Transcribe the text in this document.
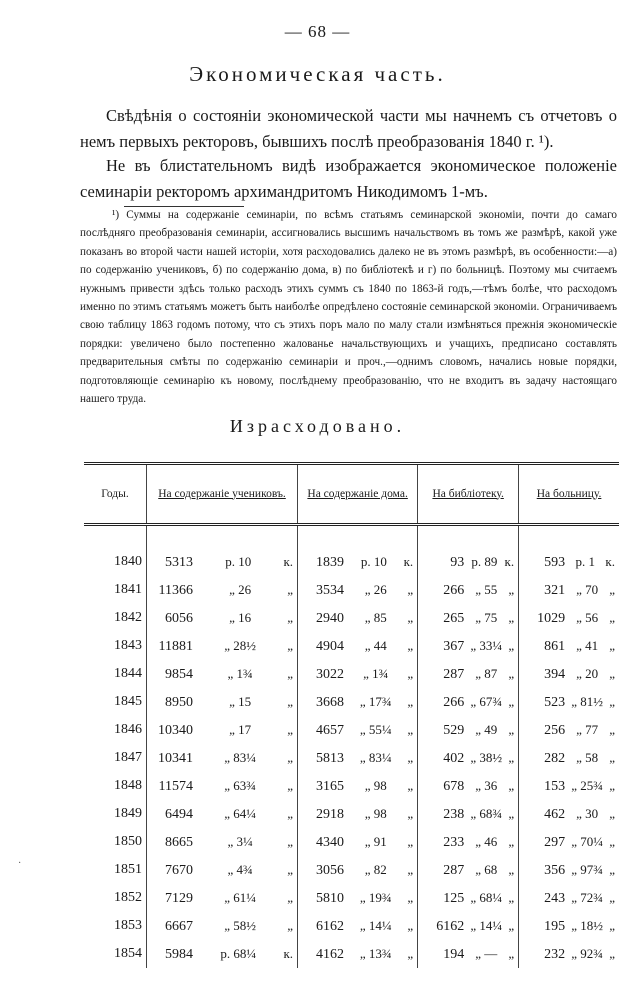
— 68 —
Экономическая часть.
Свѣдѣнія о состояніи экономической части мы начнемъ съ отчетовъ о немъ первыхъ ректоровъ, бывшихъ послѣ преобразованія 1840 г. ¹).
Не въ блистательномъ видѣ изображается экономическое положеніе семинаріи ректоромъ архимандритомъ Никодимомъ 1-мъ.
¹) Суммы на содержаніе семинаріи, по всѣмъ статьямъ семинарской экономіи, почти до самаго послѣдняго преобразованія семинаріи, ассигновались высшимъ начальствомъ въ томъ же размѣрѣ, какой уже показанъ во второй части нашей исторіи, хотя расходовались далеко не въ этомъ размѣрѣ, въ особенности:—а) по содержанію учениковъ, б) по содержанію дома, в) по библіотекѣ и г) по больницѣ. Поэтому мы считаемъ нужнымъ привести здѣсь только расходъ этихъ суммъ съ 1840 по 1863-й годъ,—тѣмъ болѣе, что расходомъ именно по этимъ статьямъ можетъ быть наиболѣе опредѣлено состояніе семинарской экономіи. Ограничиваемъ свою таблицу 1863 годомъ потому, что съ этихъ поръ мало по малу стали измѣняться прежнія экономическіе порядки: увеличено было постепенно жалованье начальствующихъ и учащихъ, предписано составлять предварительныя смѣты по содержанію семинаріи и проч.,—однимъ словомъ, начались новые порядки, подготовляющіе семинарію къ новому, послѣднему преобразованію, что не входитъ въ задачу настоящаго нашего труда.
Израсходовано.
Годы.	На содержаніе учениковъ.	На содержаніе дома.	На библіотеку.	На больницу.
1840	5313 р. 10 к.	1839 р. 10 к.	93 р. 89 к.	593 р. 1 к.

1841	11366 „ 26 „	3534 „ 26 „	266 „ 55 „	321 „ 70 „

1842	6056 „ 16 „	2940 „ 85 „	265 „ 75 „	1029 „ 56 „

1843	11881 „ 28½ „	4904 „ 44 „	367 „ 33¼ „	861 „ 41 „

1844	9854 „ 1¾ „	3022 „ 1¾ „	287 „ 87 „	394 „ 20 „

1845	8950 „ 15 „	3668 „ 17¾ „	266 „ 67¾ „	523 „ 81½ „

1846	10340 „ 17 „	4657 „ 55¼ „	529 „ 49 „	256 „ 77 „

1847	10341 „ 83¼ „	5813 „ 83¼ „	402 „ 38½ „	282 „ 58 „

1848	11574 „ 63¾ „	3165 „ 98 „	678 „ 36 „	153 „ 25¾ „

1849	6494 „ 64¼ „	2918 „ 98 „	238 „ 68¾ „	462 „ 30 „

1850	8665 „ 3¼ „	4340 „ 91 „	233 „ 46 „	297 „ 70¼ „

1851	7670 „ 4¾ „	3056 „ 82 „	287 „ 68 „	356 „ 97¾ „

1852	7129 „ 61¼ „	5810 „ 19¾ „	125 „ 68¼ „	243 „ 72¾ „

1853	6667 „ 58½ „	6162 „ 14¼ „	6162 „ 14¼ „	195 „ 18½ „

1854	5984 р. 68¼ к.	4162 „ 13¾ „	194 „ — „	232 „ 92¾ „
·
